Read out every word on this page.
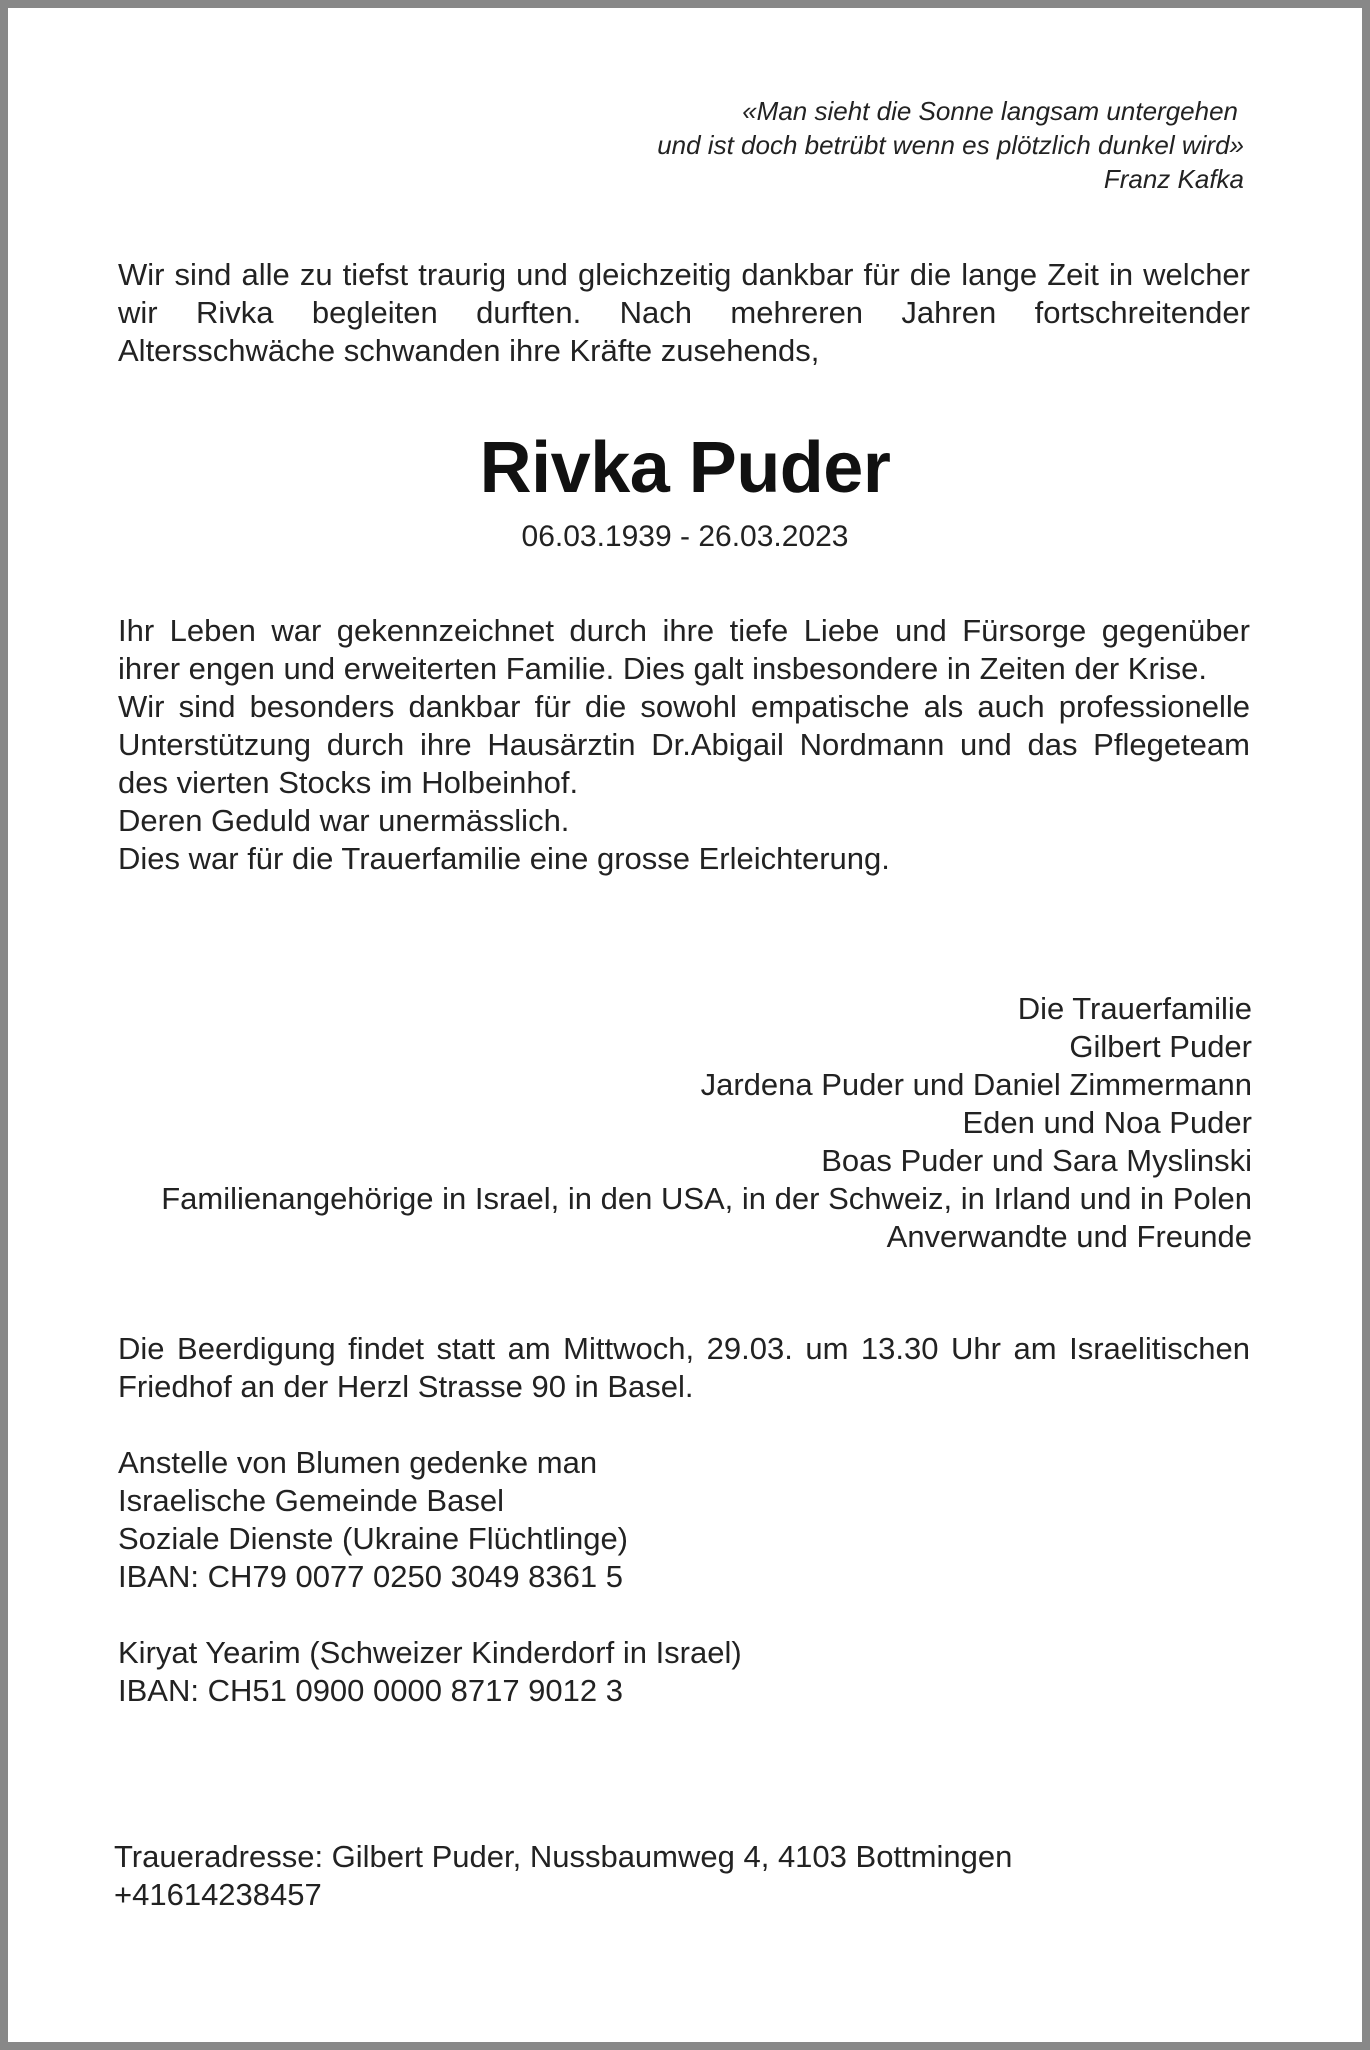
«Man sieht die Sonne langsam untergehen
und ist doch betrübt wenn es plötzlich dunkel wird»
Franz Kafka
Wir sind alle zu tiefst traurig und gleichzeitig dankbar für die lange Zeit in welcher wir Rivka begleiten durften. Nach mehreren Jahren fortschreitender Altersschwäche schwanden ihre Kräfte zusehends,
Rivka Puder
06.03.1939 - 26.03.2023

Ihr Leben war gekennzeichnet durch ihre tiefe Liebe und Fürsorge gegenüber ihrer engen und erweiterten Familie. Dies galt insbesondere in Zeiten der Krise.

Wir sind besonders dankbar für die sowohl empatische als auch professionelle Unterstützung durch ihre Hausärztin Dr.Abigail Nordmann und das Pflegeteam des vierten Stocks im Holbeinhof.

Deren Geduld war unermässlich.

Dies war für die Trauerfamilie eine grosse Erleichterung.

Die Trauerfamilie
Gilbert Puder
Jardena Puder und Daniel Zimmermann
Eden und Noa Puder
Boas Puder und Sara Myslinski
Familienangehörige in Israel, in den USA, in der Schweiz, in Irland und in Polen
Anverwandte und Freunde
Die Beerdigung findet statt am Mittwoch, 29.03. um 13.30 Uhr am Israelitischen Friedhof an der Herzl Strasse 90 in Basel.
Anstelle von Blumen gedenke man
Israelische Gemeinde Basel
Soziale Dienste (Ukraine Flüchtlinge)
IBAN: CH79 0077 0250 3049 8361 5
Kiryat Yearim (Schweizer Kinderdorf in Israel)
IBAN: CH51 0900 0000 8717 9012 3
Traueradresse: Gilbert Puder, Nussbaumweg 4, 4103 Bottmingen
+41614238457
